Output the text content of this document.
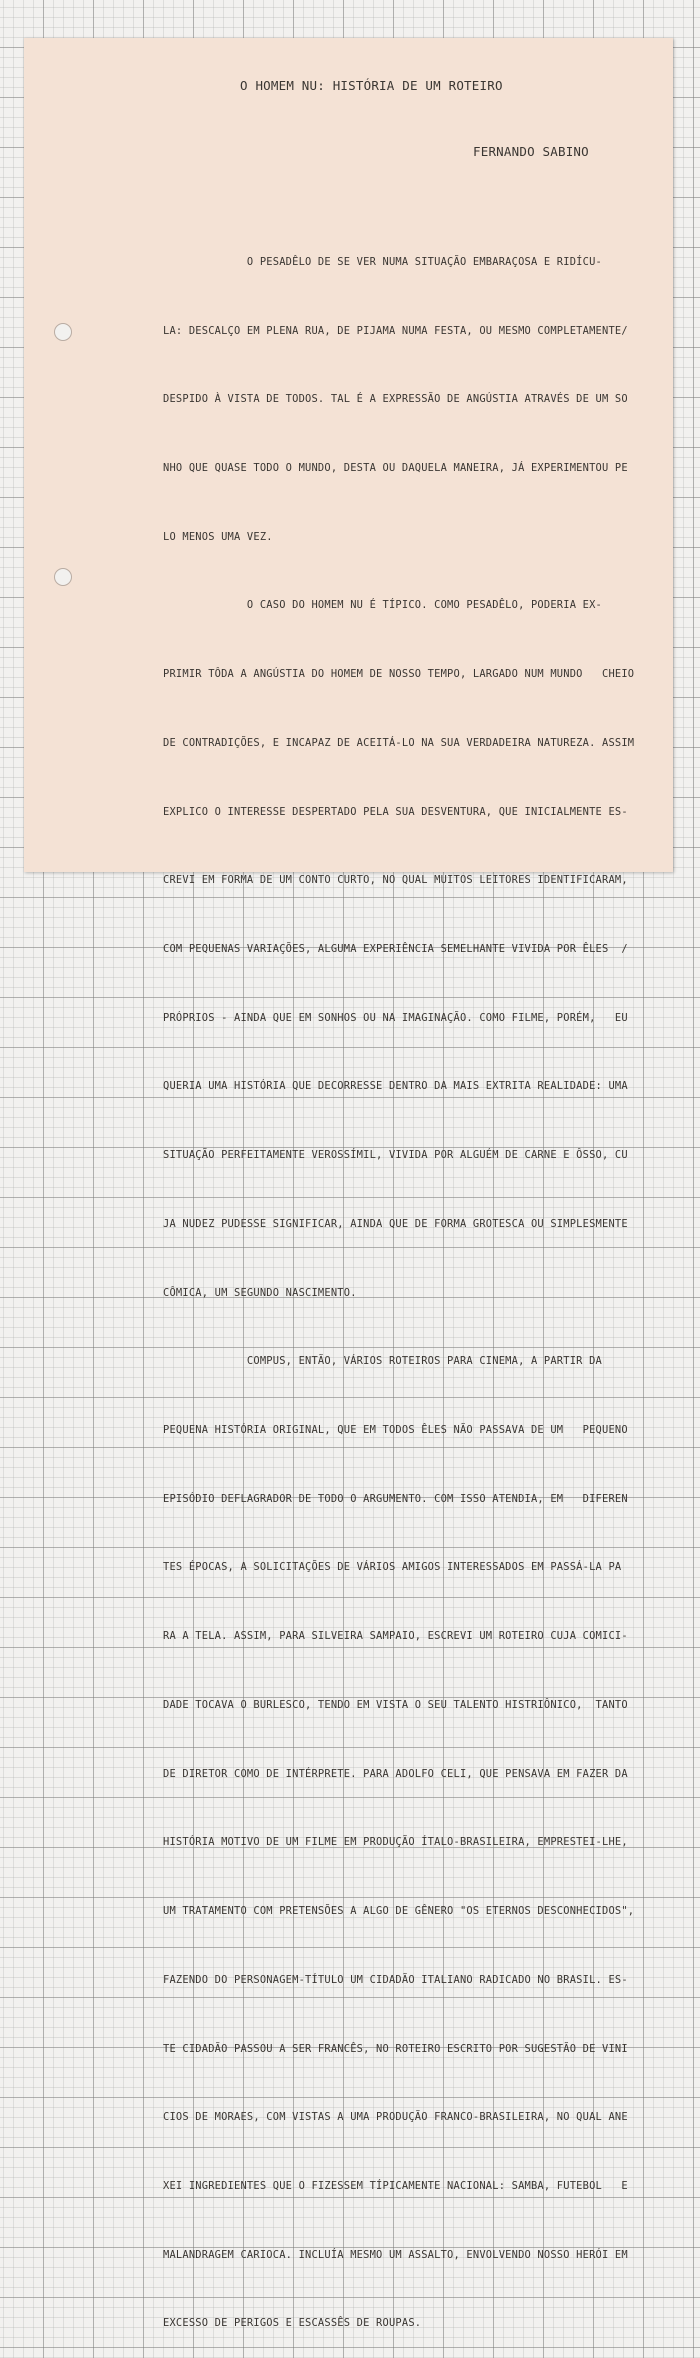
O HOMEM NU: HISTÓRIA DE UM ROTEIRO

FERNANDO SABINO

O PESADÊLO DE SE VER NUMA SITUAÇÃO EMBARAÇOSA E RIDÍCU-

LA: DESCALÇO EM PLENA RUA, DE PIJAMA NUMA FESTA, OU MESMO COMPLETAMENTE/

DESPIDO À VISTA DE TODOS. TAL É A EXPRESSÃO DE ANGÚSTIA ATRAVÉS DE UM SO

NHO QUE QUASE TODO O MUNDO, DESTA OU DAQUELA MANEIRA, JÁ EXPERIMENTOU PE

LO MENOS UMA VEZ.

O CASO DO HOMEM NU É TÍPICO. COMO PESADÊLO, PODERIA EX-

PRIMIR TÔDA A ANGÚSTIA DO HOMEM DE NOSSO TEMPO, LARGADO NUM MUNDO   CHEIO

DE CONTRADIÇÕES, E INCAPAZ DE ACEITÁ-LO NA SUA VERDADEIRA NATUREZA. ASSIM

EXPLICO O INTERESSE DESPERTADO PELA SUA DESVENTURA, QUE INICIALMENTE ES-

CREVI EM FORMA DE UM CONTO CURTO, NO QUAL MUITOS LEITORES IDENTIFICARAM,

COM PEQUENAS VARIAÇÕES, ALGUMA EXPERIÊNCIA SEMELHANTE VIVIDA POR ÊLES  /

PRÓPRIOS - AINDA QUE EM SONHOS OU NA IMAGINAÇÃO. COMO FILME, PORÉM,   EU

QUERIA UMA HISTÓRIA QUE DECORRESSE DENTRO DA MAIS EXTRITA REALIDADE: UMA

SITUAÇÃO PERFEITAMENTE VEROSSÍMIL, VIVIDA POR ALGUÉM DE CARNE E ÔSSO, CU

JA NUDEZ PUDESSE SIGNIFICAR, AINDA QUE DE FORMA GROTESCA OU SIMPLESMENTE

CÔMICA, UM SEGUNDO NASCIMENTO.

COMPUS, ENTÃO, VÁRIOS ROTEIROS PARA CINEMA, A PARTIR DA

PEQUENA HISTÓRIA ORIGINAL, QUE EM TODOS ÊLES NÃO PASSAVA DE UM   PEQUENO

EPISÓDIO DEFLAGRADOR DE TODO O ARGUMENTO. COM ISSO ATENDIA, EM   DIFEREN

TES ÉPOCAS, A SOLICITAÇÕES DE VÁRIOS AMIGOS INTERESSADOS EM PASSÁ-LA PA

RA A TELA. ASSIM, PARA SILVEIRA SAMPAIO, ESCREVI UM ROTEIRO CUJA COMICI-

DADE TOCAVA O BURLESCO, TENDO EM VISTA O SEU TALENTO HISTRIÔNICO,  TANTO

DE DIRETOR COMO DE INTÉRPRETE. PARA ADOLFO CELI, QUE PENSAVA EM FAZER DA

HISTÓRIA MOTIVO DE UM FILME EM PRODUÇÃO ÍTALO-BRASILEIRA, EMPRESTEI-LHE,

UM TRATAMENTO COM PRETENSÕES A ALGO DE GÊNERO "OS ETERNOS DESCONHECIDOS",

FAZENDO DO PERSONAGEM-TÍTULO UM CIDADÃO ITALIANO RADICADO NO BRASIL. ES-

TE CIDADÃO PASSOU A SER FRANCÊS, NO ROTEIRO ESCRITO POR SUGESTÃO DE VINI

CIOS DE MORAES, COM VISTAS A UMA PRODUÇÃO FRANCO-BRASILEIRA, NO QUAL ANE

XEI INGREDIENTES QUE O FIZESSEM TÍPICAMENTE NACIONAL: SAMBA, FUTEBOL   E

MALANDRAGEM CARIOCA. INCLUÍA MESMO UM ASSALTO, ENVOLVENDO NOSSO HERÓI EM

EXCESSO DE PERIGOS E ESCASSÊS DE ROUPAS.
